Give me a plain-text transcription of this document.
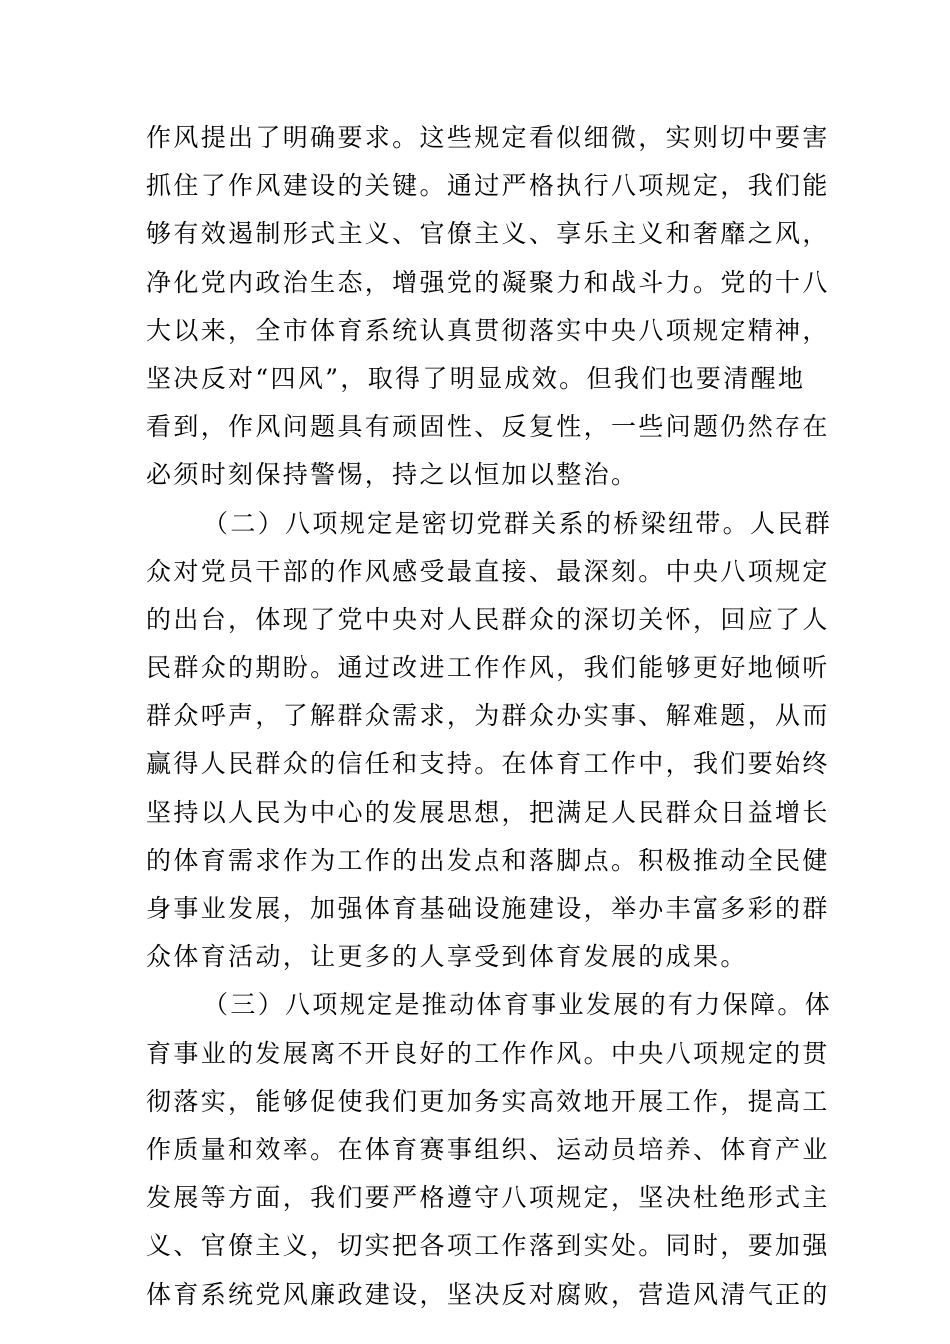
作风提出了明确要求。这些规定看似细微，实则切中要害
抓住了作风建设的关键。通过严格执行八项规定，我们能
够有效遏制形式主义、官僚主义、享乐主义和奢靡之风，
净化党内政治生态，增强党的凝聚力和战斗力。党的十八
大以来，全市体育系统认真贯彻落实中央八项规定精神，
坚决反对“四风”，取得了明显成效。但我们也要清醒地
看到，作风问题具有顽固性、反复性，一些问题仍然存在
必须时刻保持警惕，持之以恒加以整治。
（二）八项规定是密切党群关系的桥梁纽带。人民群
众对党员干部的作风感受最直接、最深刻。中央八项规定
的出台，体现了党中央对人民群众的深切关怀，回应了人
民群众的期盼。通过改进工作作风，我们能够更好地倾听
群众呼声，了解群众需求，为群众办实事、解难题，从而
赢得人民群众的信任和支持。在体育工作中，我们要始终
坚持以人民为中心的发展思想，把满足人民群众日益增长
的体育需求作为工作的出发点和落脚点。积极推动全民健
身事业发展，加强体育基础设施建设，举办丰富多彩的群
众体育活动，让更多的人享受到体育发展的成果。
（三）八项规定是推动体育事业发展的有力保障。体
育事业的发展离不开良好的工作作风。中央八项规定的贯
彻落实，能够促使我们更加务实高效地开展工作，提高工
作质量和效率。在体育赛事组织、运动员培养、体育产业
发展等方面，我们要严格遵守八项规定，坚决杜绝形式主
义、官僚主义，切实把各项工作落到实处。同时，要加强
体育系统党风廉政建设，坚决反对腐败，营造风清气正的
